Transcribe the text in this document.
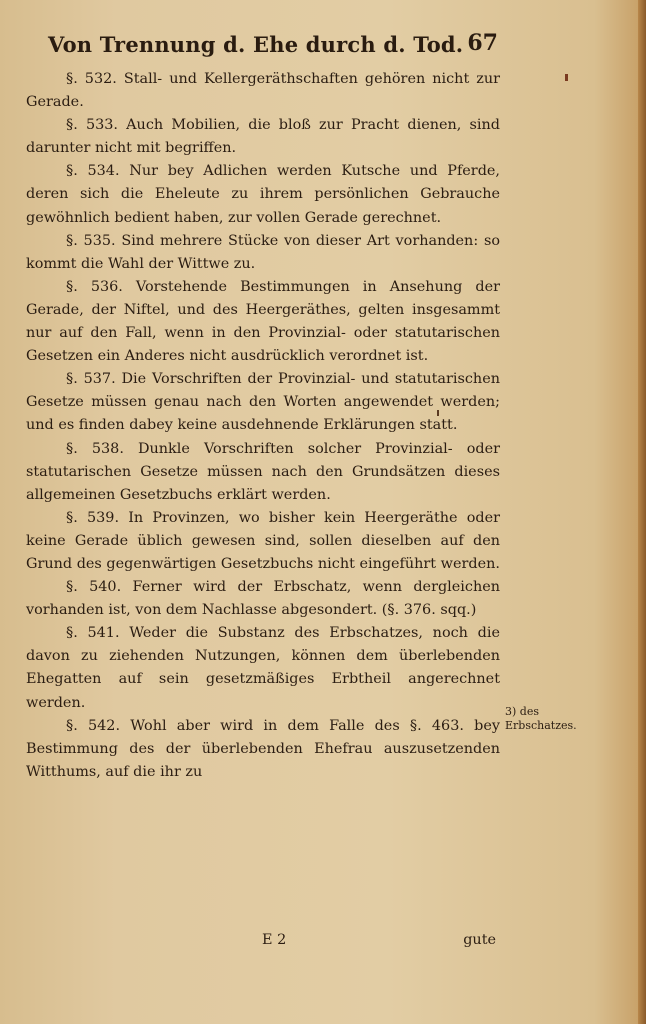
Von Trennung d. Ehe durch d. Tod. 67

§. 532. Stall- und Kellergeräthschaften gehören nicht zur Gerade.

§. 533. Auch Mobilien, die bloß zur Pracht dienen, sind darunter nicht mit begriffen.

§. 534. Nur bey Adlichen werden Kutsche und Pferde, deren sich die Eheleute zu ihrem persönlichen Gebrauche gewöhnlich bedient haben, zur vollen Gerade gerechnet.

§. 535. Sind mehrere Stücke von dieser Art vorhanden: so kommt die Wahl der Wittwe zu.

§. 536. Vorstehende Bestimmungen in Ansehung der Gerade, der Niftel, und des Heergeräthes, gelten insgesammt nur auf den Fall, wenn in den Provinzial- oder statutarischen Gesetzen ein Anderes nicht ausdrücklich verordnet ist.

§. 537. Die Vorschriften der Provinzial- und statutarischen Gesetze müssen genau nach den Worten angewendet werden; und es finden dabey keine ausdehnende Erklärungen statt.

§. 538. Dunkle Vorschriften solcher Provinzial- oder statutarischen Gesetze müssen nach den Grundsätzen dieses allgemeinen Gesetzbuchs erklärt werden.

§. 539. In Provinzen, wo bisher kein Heergeräthe oder keine Gerade üblich gewesen sind, sollen dieselben auf den Grund des gegenwärtigen Gesetzbuchs nicht eingeführt werden.

§. 540. Ferner wird der Erbschatz, wenn dergleichen vorhanden ist, von dem Nachlasse abgesondert. (§. 376. sqq.)

§. 541. Weder die Substanz des Erbschatzes, noch die davon zu ziehenden Nutzungen, können dem überlebenden Ehegatten auf sein gesetzmäßiges Erbtheil angerechnet werden.

§. 542. Wohl aber wird in dem Falle des §. 463. bey Bestimmung des der überlebenden Ehefrau auszusetzenden Witthums, auf die ihr zu

3) des Erbschatzes.
E 2	gute
